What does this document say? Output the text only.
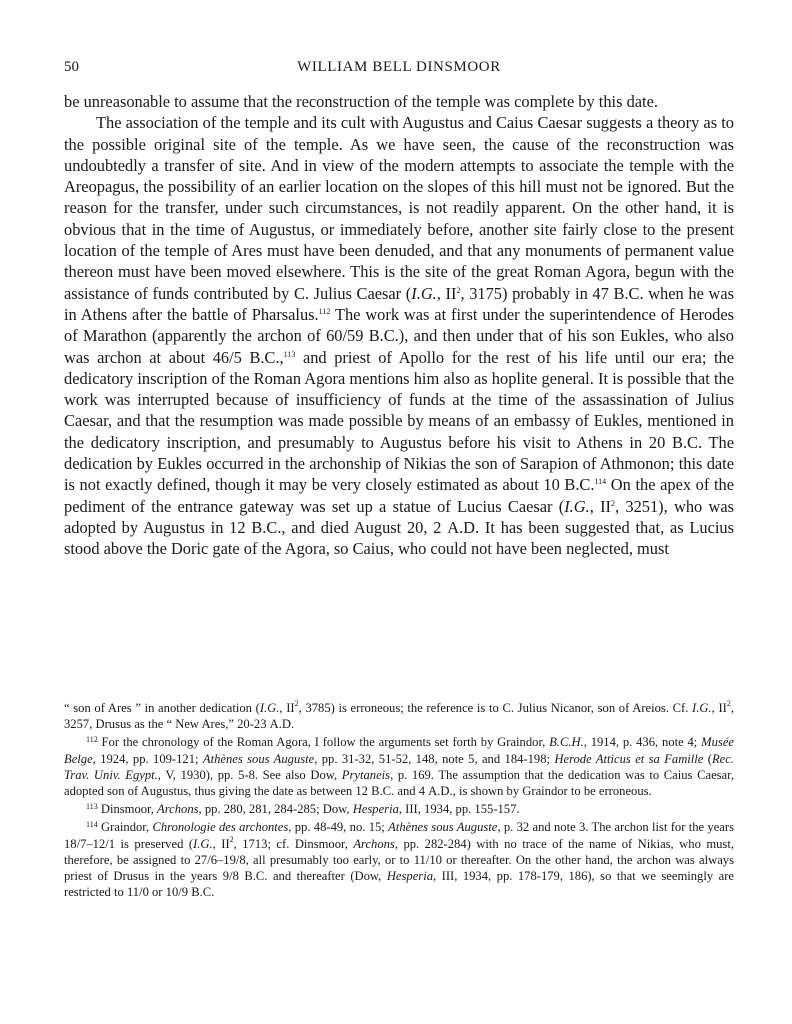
50	WILLIAM BELL DINSMOOR

be unreasonable to assume that the reconstruction of the temple was complete by this date.

The association of the temple and its cult with Augustus and Caius Caesar suggests a theory as to the possible original site of the temple. As we have seen, the cause of the reconstruction was undoubtedly a transfer of site. And in view of the modern attempts to associate the temple with the Areopagus, the possibility of an earlier location on the slopes of this hill must not be ignored. But the reason for the transfer, under such circumstances, is not readily apparent. On the other hand, it is obvious that in the time of Augustus, or immediately before, another site fairly close to the present location of the temple of Ares must have been denuded, and that any monuments of permanent value thereon must have been moved elsewhere. This is the site of the great Roman Agora, begun with the assistance of funds contributed by C. Julius Caesar (I.G., $II^2$, 3175) probably in 47 B.C. when he was in Athens after the battle of Pharsalus.$^{112}$ The work was at first under the superintendence of Herodes of Marathon (apparently the archon of 60/59 B.C.), and then under that of his son Eukles, who also was archon at about 46/5 B.C.,$^{113}$ and priest of Apollo for the rest of his life until our era; the dedicatory inscription of the Roman Agora mentions him also as hoplite general. It is possible that the work was interrupted because of insufficiency of funds at the time of the assassination of Julius Caesar, and that the resumption was made possible by means of an embassy of Eukles, mentioned in the dedicatory inscription, and presumably to Augustus before his visit to Athens in 20 B.C. The dedication by Eukles occurred in the archonship of Nikias the son of Sarapion of Athmonon; this date is not exactly defined, though it may be very closely estimated as about 10 B.C.$^{114}$ On the apex of the pediment of the entrance gateway was set up a statue of Lucius Caesar (I.G., $II^2$, 3251), who was adopted by Augustus in 12 B.C., and died August 20, 2 A.D. It has been suggested that, as Lucius stood above the Doric gate of the Agora, so Caius, who could not have been neglected, must

“ son of Ares ” in another dedication (I.G., $II^2$, 3785) is erroneous; the reference is to C. Julius Nicanor, son of Areios. Cf. I.G., $II^2$, 3257, Drusus as the “ New Ares,” 20-23 A.D.

$^{112}$ For the chronology of the Roman Agora, I follow the arguments set forth by Graindor, B.C.H., 1914, p. 436, note 4; Musée Belge, 1924, pp. 109-121; Athènes sous Auguste, pp. 31-32, 51-52, 148, note 5, and 184-198; Herode Atticus et sa Famille (Rec. Trav. Univ. Egypt., V, 1930), pp. 5-8. See also Dow, Prytaneis, p. 169. The assumption that the dedication was to Caius Caesar, adopted son of Augustus, thus giving the date as between 12 B.C. and 4 A.D., is shown by Graindor to be erroneous.

$^{113}$ Dinsmoor, Archons, pp. 280, 281, 284-285; Dow, Hesperia, III, 1934, pp. 155-157.

$^{114}$ Graindor, Chronologie des archontes, pp. 48-49, no. 15; Athènes sous Auguste, p. 32 and note 3. The archon list for the years 18/7–12/1 is preserved (I.G., $II^2$, 1713; cf. Dinsmoor, Archons, pp. 282-284) with no trace of the name of Nikias, who must, therefore, be assigned to 27/6–19/8, all presumably too early, or to 11/10 or thereafter. On the other hand, the archon was always priest of Drusus in the years 9/8 B.C. and thereafter (Dow, Hesperia, III, 1934, pp. 178-179, 186), so that we seemingly are restricted to 11/0 or 10/9 B.C.
